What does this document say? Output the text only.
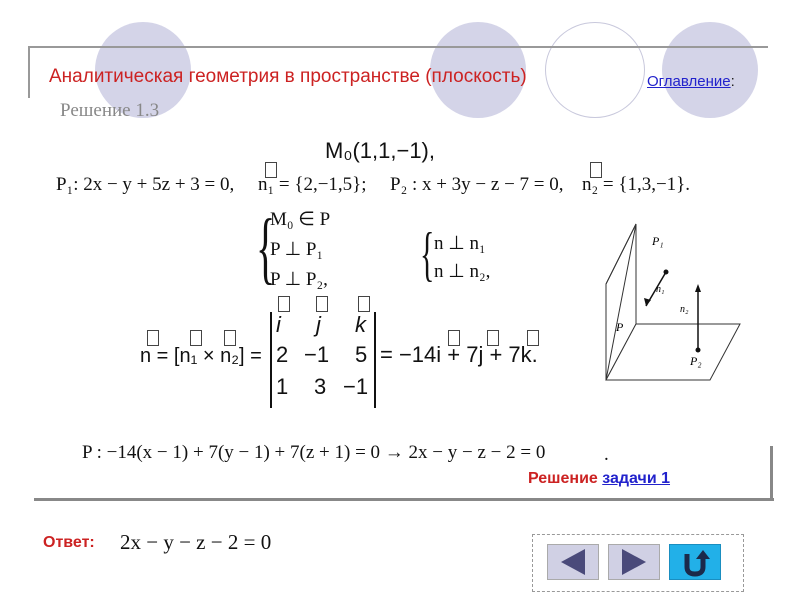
Аналитическая геометрия в пространстве (плоскость)	Оглавление:
Решение 1.3
M₀(1,1,−1),
P₁: 2x − y + 5z + 3 = 0, n₁ = {2,−1,5}; P₂ : x + 3y − z − 7 = 0, n₂ = {1,3,−1}.
{
M₀ ∈ P
P ⊥ P₁
P ⊥ P₂, { n ⊥ n₁
n ⊥ n₂,
n = [n₁ × n₂] =
i j k
2 −1 5
1 3 −1
= −14i + 7j + 7k.
P : −14(x − 1) + 7(y − 1) + 7(z + 1) = 0 → 2x − y − z − 2 = 0	.
Решение задачи 1
P₁
n₁
n₂
P
P₂
Ответ: 2x − y − z − 2 = 0
